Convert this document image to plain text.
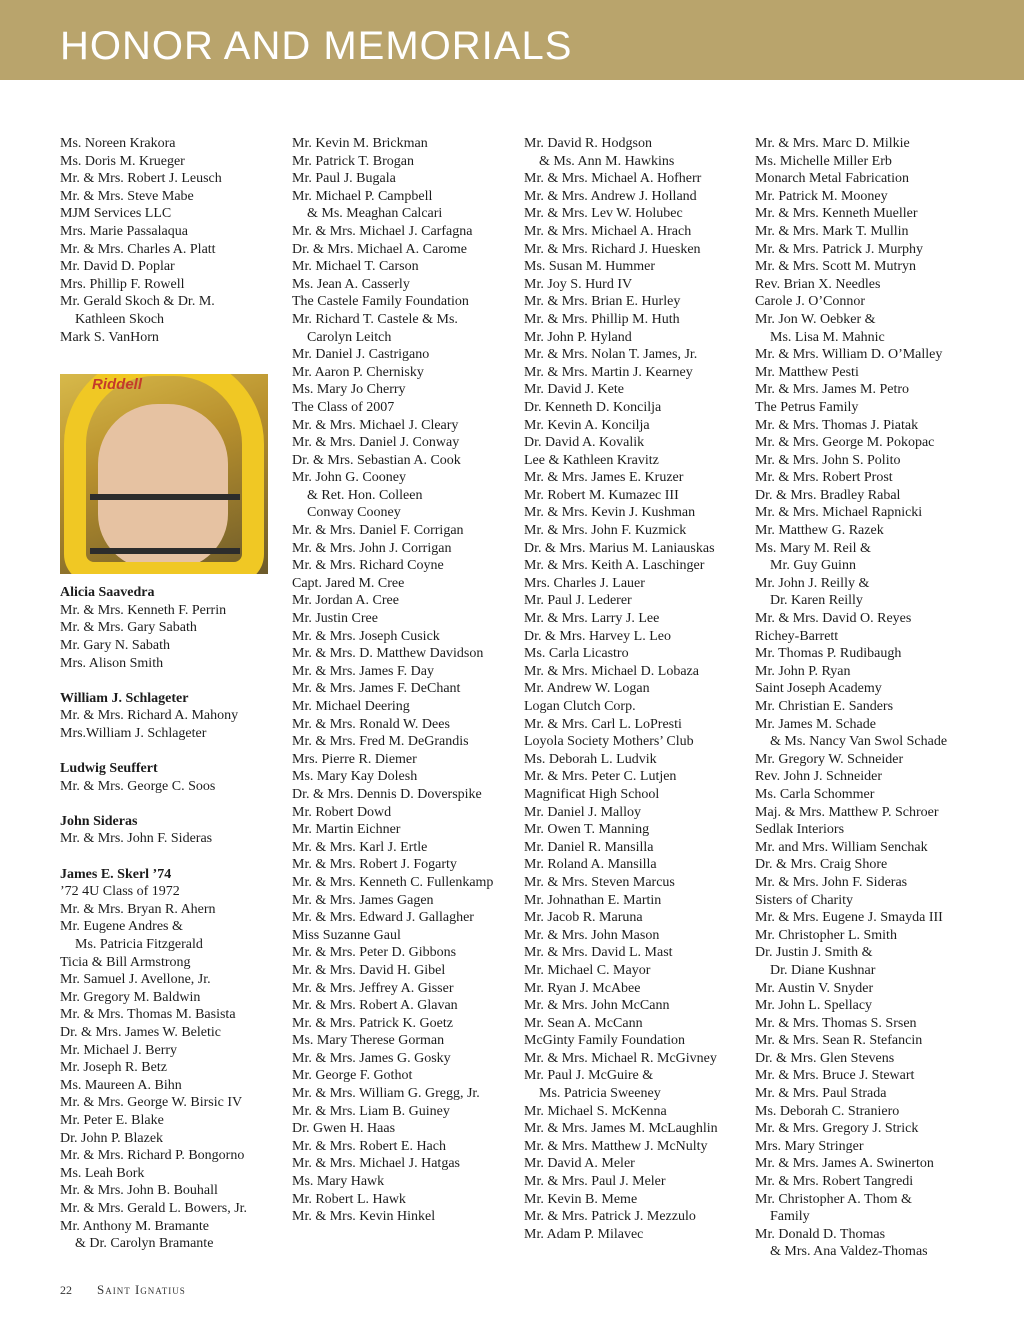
HONOR AND MEMORIALS
Ms. Noreen Krakora
Ms. Doris M. Krueger
Mr. & Mrs. Robert J. Leusch
Mr. & Mrs. Steve Mabe
MJM Services LLC
Mrs. Marie Passalaqua
Mr. & Mrs. Charles A. Platt
Mr. David D. Poplar
Mrs. Phillip F. Rowell
Mr. Gerald Skoch & Dr. M.
Kathleen Skoch
Mark S. VanHorn
Riddell
Alicia Saavedra
Mr. & Mrs. Kenneth F. Perrin
Mr. & Mrs. Gary Sabath
Mr. Gary N. Sabath
Mrs. Alison Smith
William J. Schlageter
Mr. & Mrs. Richard A. Mahony
Mrs.William J. Schlageter
Ludwig Seuffert
Mr. & Mrs. George C. Soos
John Sideras
Mr. & Mrs. John F. Sideras
James E. Skerl ’74
’72 4U Class of 1972
Mr. & Mrs. Bryan R. Ahern
Mr. Eugene Andres &
Ms. Patricia Fitzgerald
Ticia & Bill Armstrong
Mr. Samuel J. Avellone, Jr.
Mr. Gregory M. Baldwin
Mr. & Mrs. Thomas M. Basista
Dr. & Mrs. James W. Beletic
Mr. Michael J. Berry
Mr. Joseph R. Betz
Ms. Maureen A. Bihn
Mr. & Mrs. George W. Birsic IV
Mr. Peter E. Blake
Dr. John P. Blazek
Mr. & Mrs. Richard P. Bongorno
Ms. Leah Bork
Mr. & Mrs. John B. Bouhall
Mr. & Mrs. Gerald L. Bowers, Jr.
Mr. Anthony M. Bramante
& Dr. Carolyn Bramante
Mr. Kevin M. Brickman
Mr. Patrick T. Brogan
Mr. Paul J. Bugala
Mr. Michael P. Campbell
& Ms. Meaghan Calcari
Mr. & Mrs. Michael J. Carfagna
Dr. & Mrs. Michael A. Carome
Mr. Michael T. Carson
Ms. Jean A. Casserly
The Castele Family Foundation
Mr. Richard T. Castele & Ms.
Carolyn Leitch
Mr. Daniel J. Castrigano
Mr. Aaron P. Chernisky
Ms. Mary Jo Cherry
The Class of 2007
Mr. & Mrs. Michael J. Cleary
Mr. & Mrs. Daniel J. Conway
Dr. & Mrs. Sebastian A. Cook
Mr. John G. Cooney
& Ret. Hon. Colleen
Conway Cooney
Mr. & Mrs. Daniel F. Corrigan
Mr. & Mrs. John J. Corrigan
Mr. & Mrs. Richard Coyne
Capt. Jared M. Cree
Mr. Jordan A. Cree
Mr. Justin Cree
Mr. & Mrs. Joseph Cusick
Mr. & Mrs. D. Matthew Davidson
Mr. & Mrs. James F. Day
Mr. & Mrs. James F. DeChant
Mr. Michael Deering
Mr. & Mrs. Ronald W. Dees
Mr. & Mrs. Fred M. DeGrandis
Mrs. Pierre R. Diemer
Ms. Mary Kay Dolesh
Dr. & Mrs. Dennis D. Doverspike
Mr. Robert Dowd
Mr. Martin Eichner
Mr. & Mrs. Karl J. Ertle
Mr. & Mrs. Robert J. Fogarty
Mr. & Mrs. Kenneth C. Fullenkamp
Mr. & Mrs. James Gagen
Mr. & Mrs. Edward J. Gallagher
Miss Suzanne Gaul
Mr. & Mrs. Peter D. Gibbons
Mr. & Mrs. David H. Gibel
Mr. & Mrs. Jeffrey A. Gisser
Mr. & Mrs. Robert A. Glavan
Mr. & Mrs. Patrick K. Goetz
Ms. Mary Therese Gorman
Mr. & Mrs. James G. Gosky
Mr. George F. Gothot
Mr. & Mrs. William G. Gregg, Jr.
Mr. & Mrs. Liam B. Guiney
Dr. Gwen H. Haas
Mr. & Mrs. Robert E. Hach
Mr. & Mrs. Michael J. Hatgas
Ms. Mary Hawk
Mr. Robert L. Hawk
Mr. & Mrs. Kevin Hinkel
Mr. David R. Hodgson
& Ms. Ann M. Hawkins
Mr. & Mrs. Michael A. Hofherr
Mr. & Mrs. Andrew J. Holland
Mr. & Mrs. Lev W. Holubec
Mr. & Mrs. Michael A. Hrach
Mr. & Mrs. Richard J. Huesken
Ms. Susan M. Hummer
Mr. Joy S. Hurd IV
Mr. & Mrs. Brian E. Hurley
Mr. & Mrs. Phillip M. Huth
Mr. John P. Hyland
Mr. & Mrs. Nolan T. James, Jr.
Mr. & Mrs. Martin J. Kearney
Mr. David J. Kete
Dr. Kenneth D. Koncilja
Mr. Kevin A. Koncilja
Dr. David A. Kovalik
Lee & Kathleen Kravitz
Mr. & Mrs. James E. Kruzer
Mr. Robert M. Kumazec III
Mr. & Mrs. Kevin J. Kushman
Mr. & Mrs. John F. Kuzmick
Dr. & Mrs. Marius M. Laniauskas
Mr. & Mrs. Keith A. Laschinger
Mrs. Charles J. Lauer
Mr. Paul J. Lederer
Mr. & Mrs. Larry J. Lee
Dr. & Mrs. Harvey L. Leo
Ms. Carla Licastro
Mr. & Mrs. Michael D. Lobaza
Mr. Andrew W. Logan
Logan Clutch Corp.
Mr. & Mrs. Carl L. LoPresti
Loyola Society Mothers’ Club
Ms. Deborah L. Ludvik
Mr. & Mrs. Peter C. Lutjen
Magnificat High School
Mr. Daniel J. Malloy
Mr. Owen T. Manning
Mr. Daniel R. Mansilla
Mr. Roland A. Mansilla
Mr. & Mrs. Steven Marcus
Mr. Johnathan E. Martin
Mr. Jacob R. Maruna
Mr. & Mrs. John Mason
Mr. & Mrs. David L. Mast
Mr. Michael C. Mayor
Mr. Ryan J. McAbee
Mr. & Mrs. John McCann
Mr. Sean A. McCann
McGinty Family Foundation
Mr. & Mrs. Michael R. McGivney
Mr. Paul J. McGuire &
Ms. Patricia Sweeney
Mr. Michael S. McKenna
Mr. & Mrs. James M. McLaughlin
Mr. & Mrs. Matthew J. McNulty
Mr. David A. Meler
Mr. & Mrs. Paul J. Meler
Mr. Kevin B. Meme
Mr. & Mrs. Patrick J. Mezzulo
Mr. Adam P. Milavec
Mr. & Mrs. Marc D. Milkie
Ms. Michelle Miller Erb
Monarch Metal Fabrication
Mr. Patrick M. Mooney
Mr. & Mrs. Kenneth Mueller
Mr. & Mrs. Mark T. Mullin
Mr. & Mrs. Patrick J. Murphy
Mr. & Mrs. Scott M. Mutryn
Rev. Brian X. Needles
Carole J. O’Connor
Mr. Jon W. Oebker &
Ms. Lisa M. Mahnic
Mr. & Mrs. William D. O’Malley
Mr. Matthew Pesti
Mr. & Mrs. James M. Petro
The Petrus Family
Mr. & Mrs. Thomas J. Piatak
Mr. & Mrs. George M. Pokopac
Mr. & Mrs. John S. Polito
Mr. & Mrs. Robert Prost
Dr. & Mrs. Bradley Rabal
Mr. & Mrs. Michael Rapnicki
Mr. Matthew G. Razek
Ms. Mary M. Reil &
Mr. Guy Guinn
Mr. John J. Reilly &
Dr. Karen Reilly
Mr. & Mrs. David O. Reyes
Richey-Barrett
Mr. Thomas P. Rudibaugh
Mr. John P. Ryan
Saint Joseph Academy
Mr. Christian E. Sanders
Mr. James M. Schade
& Ms. Nancy Van Swol Schade
Mr. Gregory W. Schneider
Rev. John J. Schneider
Ms. Carla Schommer
Maj. & Mrs. Matthew P. Schroer
Sedlak Interiors
Mr. and Mrs. William Senchak
Dr. & Mrs. Craig Shore
Mr. & Mrs. John F. Sideras
Sisters of Charity
Mr. & Mrs. Eugene J. Smayda III
Mr. Christopher L. Smith
Dr. Justin J. Smith &
Dr. Diane Kushnar
Mr. Austin V. Snyder
Mr. John L. Spellacy
Mr. & Mrs. Thomas S. Srsen
Mr. & Mrs. Sean R. Stefancin
Dr. & Mrs. Glen Stevens
Mr. & Mrs. Bruce J. Stewart
Mr. & Mrs. Paul Strada
Ms. Deborah C. Straniero
Mr. & Mrs. Gregory J. Strick
Mrs. Mary Stringer
Mr. & Mrs. James A. Swinerton
Mr. & Mrs. Robert Tangredi
Mr. Christopher A. Thom &
Family
Mr. Donald D. Thomas
& Mrs. Ana Valdez-Thomas
22 Saint Ignatius
